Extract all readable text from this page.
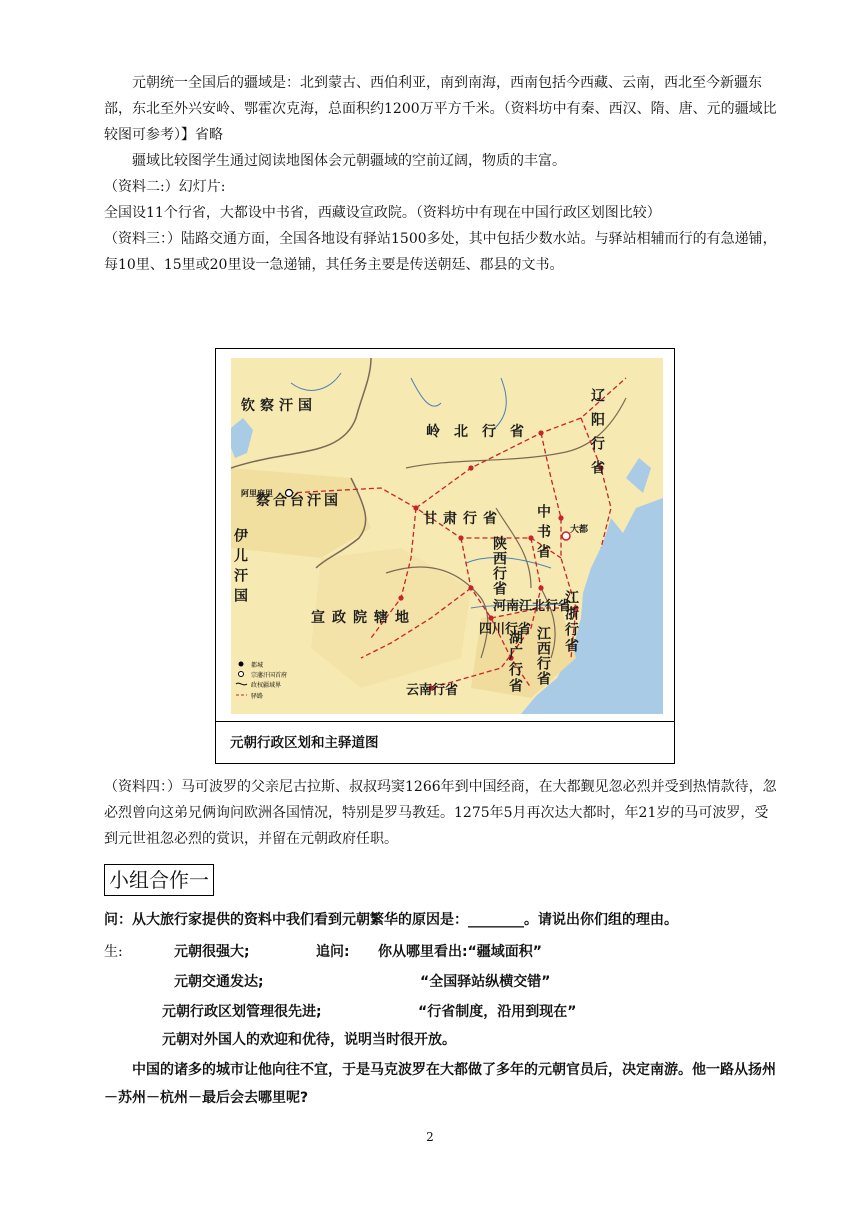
元朝统一全国后的疆域是：北到蒙古、西伯利亚，南到南海，西南包括今西藏、云南，西北至今新疆东部，东北至外兴安岭、鄂霍次克海，总面积约1200万平方千米。（资料坊中有秦、西汉、隋、唐、元的疆域比较图可参考）】省略

疆域比较图学生通过阅读地图体会元朝疆域的空前辽阔，物质的丰富。

（资料二:）幻灯片:

全国设11个行省，大都设中书省，西藏设宣政院。（资料坊中有现在中国行政区划图比较）

（资料三：）陆路交通方面，全国各地设有驿站1500多处，其中包括少数水站。与驿站相辅而行的有急递铺，每10里、15里或20里设一急递铺，其任务主要是传送朝廷、郡县的文书。

大都
阿里麻里
钦察汗国
岭北行省
察合台汗国
甘肃行省
宣政院辖地
河南江北行省
四川行省
云南行省
辽阳行省
伊儿汗国	中书省
陕西行省
湖广行省 江西行省
江浙行省
都城
宗藩汗国首府
政权疆域界
驿路
元朝行政区划和主驿道图

（资料四：）马可波罗的父亲尼古拉斯、叔叔玛窦1266年到中国经商，在大都觐见忽必烈并受到热情款待，忽必烈曾向这弟兄俩询问欧洲各国情况，特别是罗马教廷。1275年5月再次达大都时，年21岁的马可波罗，受到元世祖忽必烈的赏识，并留在元朝政府任职。

小组合作一
问：从大旅行家提供的资料中我们看到元朝繁华的原因是：________。请说出你们组的理由。
生:	元朝很强大;	追问: 你从哪里看出:“疆域面积”
元朝交通发达;	“全国驿站纵横交错”
元朝行政区划管理很先进;	“行省制度，沿用到现在”
元朝对外国人的欢迎和优待，说明当时很开放。

中国的诸多的城市让他向往不宜，于是马克波罗在大都做了多年的元朝官员后，决定南游。他一路从扬州－苏州－杭州－最后会去哪里呢?

2
